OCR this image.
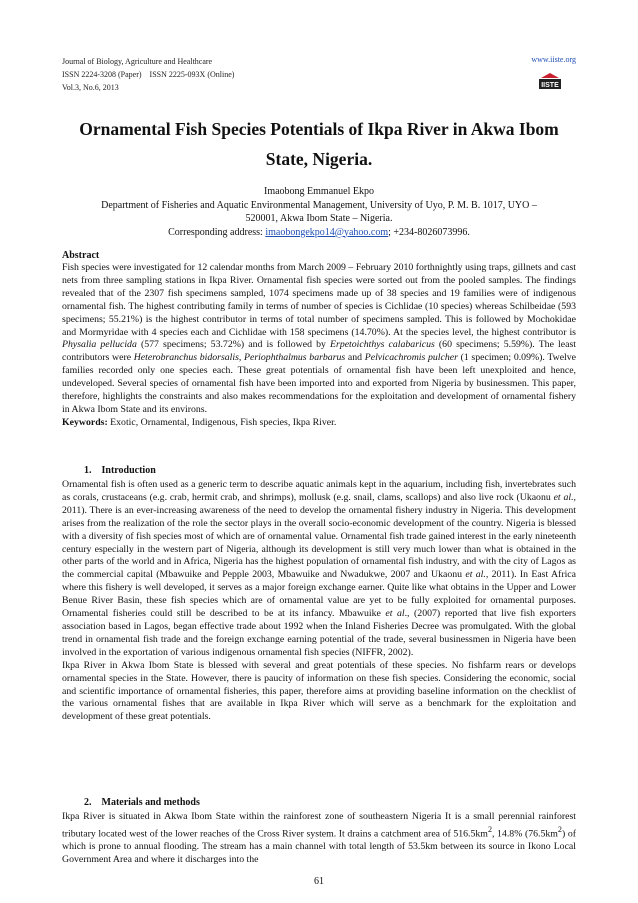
Journal of Biology, Agriculture and Healthcare
ISSN 2224-3208 (Paper)    ISSN 2225-093X (Online)
Vol.3, No.6, 2013
www.iiste.org
IISTE
Ornamental Fish Species Potentials of Ikpa River in Akwa Ibom State, Nigeria.
Imaobong Emmanuel Ekpo
Department of Fisheries and Aquatic Environmental Management, University of Uyo, P. M. B. 1017, UYO –
520001, Akwa Ibom State – Nigeria.
Corresponding address: imaobongekpo14@yahoo.com; +234-8026073996.
Abstract

Fish species were investigated for 12 calendar months from March 2009 – February 2010 forthnightly using traps, gillnets and cast nets from three sampling stations in Ikpa River. Ornamental fish species were sorted out from the pooled samples. The findings revealed that of the 2307 fish specimens sampled, 1074 specimens made up of 38 species and 19 families were of indigenous ornamental fish. The highest contributing family in terms of number of species is Cichlidae (10 species) whereas Schilbeidae (593 specimens; 55.21%) is the highest contributor in terms of total number of specimens sampled. This is followed by Mochokidae and Mormyridae with 4 species each and Cichlidae with 158 specimens (14.70%). At the species level, the highest contributor is Physalia pellucida (577 specimens; 53.72%) and is followed by Erpetoichthys calabaricus (60 specimens; 5.59%). The least contributors were Heterobranchus bidorsalis, Periophthalmus barbarus and Pelvicachromis pulcher (1 specimen; 0.09%). Twelve families recorded only one species each. These great potentials of ornamental fish have been left unexploited and hence, undeveloped. Several species of ornamental fish have been imported into and exported from Nigeria by businessmen. This paper, therefore, highlights the constraints and also makes recommendations for the exploitation and development of ornamental fishery in Akwa Ibom State and its environs.

Keywords: Exotic, Ornamental, Indigenous, Fish species, Ikpa River.

1.    Introduction

Ornamental fish is often used as a generic term to describe aquatic animals kept in the aquarium, including fish, invertebrates such as corals, crustaceans (e.g. crab, hermit crab, and shrimps), mollusk (e.g. snail, clams, scallops) and also live rock (Ukaonu et al., 2011). There is an ever-increasing awareness of the need to develop the ornamental fishery industry in Nigeria. This development arises from the realization of the role the sector plays in the overall socio-economic development of the country. Nigeria is blessed with a diversity of fish species most of which are of ornamental value. Ornamental fish trade gained interest in the early nineteenth century especially in the western part of Nigeria, although its development is still very much lower than what is obtained in the other parts of the world and in Africa, Nigeria has the highest population of ornamental fish industry, and with the city of Lagos as the commercial capital (Mbawuike and Pepple 2003, Mbawuike and Nwadukwe, 2007 and Ukaonu et al., 2011). In East Africa where this fishery is well developed, it serves as a major foreign exchange earner. Quite like what obtains in the Upper and Lower Benue River Basin, these fish species which are of ornamental value are yet to be fully exploited for ornamental purposes. Ornamental fisheries could still be described to be at its infancy. Mbawuike et al., (2007) reported that live fish exporters association based in Lagos, began effective trade about 1992 when the Inland Fisheries Decree was promulgated. With the global trend in ornamental fish trade and the foreign exchange earning potential of the trade, several businessmen in Nigeria have been involved in the exportation of various indigenous ornamental fish species (NIFFR, 2002).

Ikpa River in Akwa Ibom State is blessed with several and great potentials of these species. No fishfarm rears or develops ornamental species in the State. However, there is paucity of information on these fish species. Considering the economic, social and scientific importance of ornamental fisheries, this paper, therefore aims at providing baseline information on the checklist of the various ornamental fishes that are available in Ikpa River which will serve as a benchmark for the exploitation and development of these great potentials.

2.    Materials and methods

Ikpa River is situated in Akwa Ibom State within the rainforest zone of southeastern Nigeria It is a small perennial rainforest tributary located west of the lower reaches of the Cross River system. It drains a catchment area of $516.5km^2$, 14.8% $(76.5km^2)$ of which is prone to annual flooding. The stream has a main channel with total length of 53.5km between its source in Ikono Local Government Area and where it discharges into the

61
